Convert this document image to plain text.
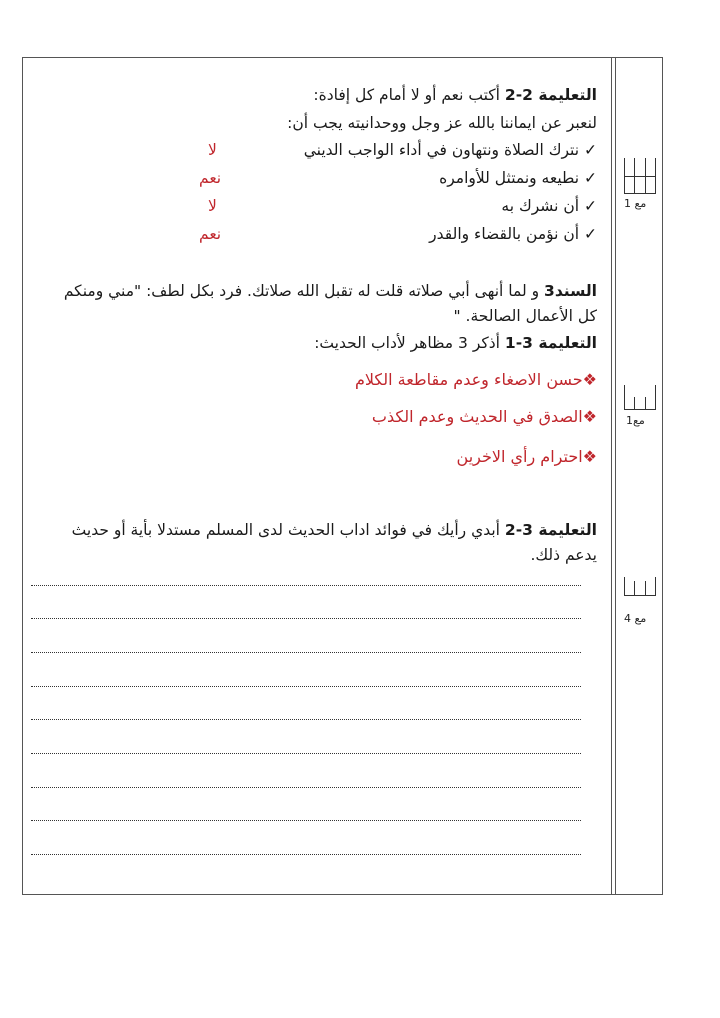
التعليمة 2-2 أكتب نعم أو لا أمام كل إفادة:
لنعبر عن ايماننا بالله عز وجل ووحدانيته يجب أن:
✓ نترك الصلاة ونتهاون في أداء الواجب الديني
لا
✓ نطيعه ونمتثل للأوامره
نعم
✓ أن نشرك به
لا
✓ أن نؤمن بالقضاء والقدر
نعم
السند3 و لما أنهى أبي صلاته قلت له تقبل الله صلاتك. فرد بكل لطف: "مني ومنكم
كل الأعمال الصالحة. "
التعليمة 3-1 أذكر 3 مظاهر لأداب الحديث:
❖حسن الاصغاء وعدم مقاطعة الكلام
❖الصدق في الحديث وعدم الكذب
❖احترام رأي الاخرين
التعليمة 3-2 أبدي رأيك في فوائد اداب الحديث لدى المسلم مستدلا بأية أو حديث
يدعم ذلك.
مع 1
مع1
مع 4
